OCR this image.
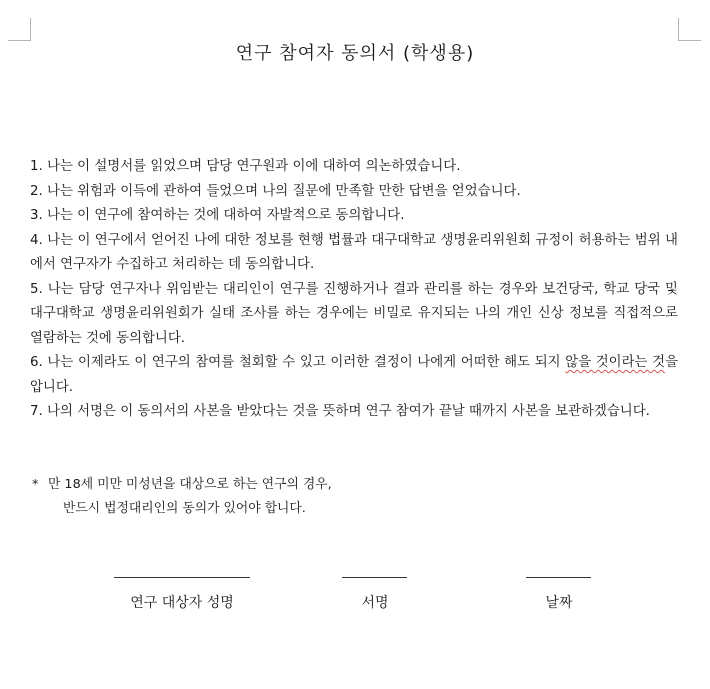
연구 참여자 동의서 (학생용)
1. 나는 이 설명서를 읽었으며 담당 연구원과 이에 대하여 의논하였습니다.
2. 나는 위험과 이득에 관하여 들었으며 나의 질문에 만족할 만한 답변을 얻었습니다.
3. 나는 이 연구에 참여하는 것에 대하여 자발적으로 동의합니다.
4. 나는 이 연구에서 얻어진 나에 대한 정보를 현행 법률과 대구대학교 생명윤리위원회 규정이 허용하는 범위 내에서 연구자가 수집하고 처리하는 데 동의합니다.
5. 나는 담당 연구자나 위임받는 대리인이 연구를 진행하거나 결과 관리를 하는 경우와 보건당국, 학교 당국 및 대구대학교 생명윤리위원회가 실태 조사를 하는 경우에는 비밀로 유지되는 나의 개인 신상 정보를 직접적으로 열람하는 것에 동의합니다.
6. 나는 이제라도 이 연구의 참여를 철회할 수 있고 이러한 결정이 나에게 어떠한 해도 되지 않을 것이라는 것을 압니다.
7. 나의 서명은 이 동의서의 사본을 받았다는 것을 뜻하며 연구 참여가 끝날 때까지 사본을 보관하겠습니다.
* 만 18세 미만 미성년을 대상으로 하는 연구의 경우,
반드시 법정대리인의 동의가 있어야 합니다.
연구 대상자 성명	서명	날짜
